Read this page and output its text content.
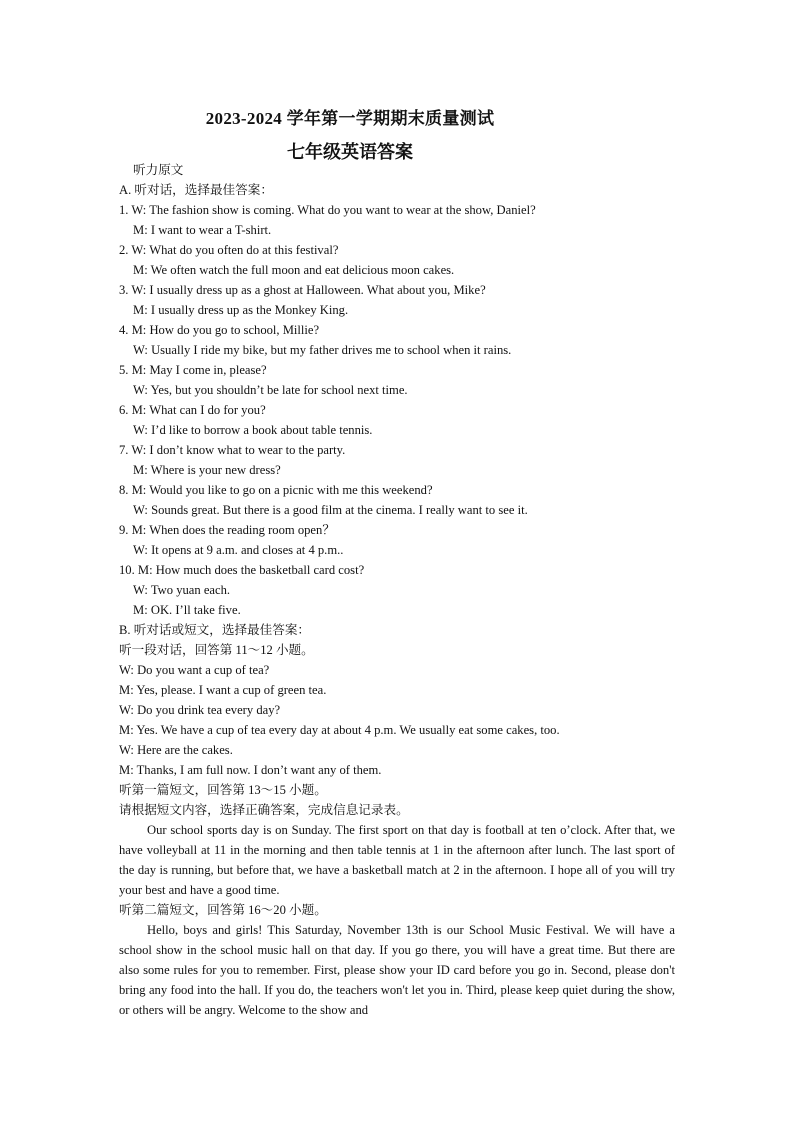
2023-2024 学年第一学期期末质量测试
七年级英语答案
听力原文
A. 听对话，选择最佳答案：
1. W: The fashion show is coming. What do you want to wear at the show, Daniel?
M: I want to wear a T-shirt.
2. W: What do you often do at this festival?
M: We often watch the full moon and eat delicious moon cakes.
3. W: I usually dress up as a ghost at Halloween. What about you, Mike?
M: I usually dress up as the Monkey King.
4. M: How do you go to school, Millie?
W: Usually I ride my bike, but my father drives me to school when it rains.
5. M: May I come in, please?
W: Yes, but you shouldn’t be late for school next time.
6. M: What can I do for you?
W: I’d like to borrow a book about table tennis.
7. W: I don’t know what to wear to the party.
M: Where is your new dress?
8. M: Would you like to go on a picnic with me this weekend?
W: Sounds great. But there is a good film at the cinema. I really want to see it.
9. M: When does the reading room open？
W: It opens at 9 a.m. and closes at 4 p.m..
10. M: How much does the basketball card cost?
W: Two yuan each.
M: OK. I’ll take five.
B. 听对话或短文，选择最佳答案：
听一段对话，回答第 11～12 小题。
W: Do you want a cup of tea?
M: Yes, please. I want a cup of green tea.
W: Do you drink tea every day?
M: Yes. We have a cup of tea every day at about 4 p.m. We usually eat some cakes, too.
W: Here are the cakes.
M: Thanks, I am full now. I don’t want any of them.
听第一篇短文，回答第 13～15 小题。
请根据短文内容，选择正确答案，完成信息记录表。
Our school sports day is on Sunday. The first sport on that day is football at ten o’clock. After that, we have volleyball at 11 in the morning and then table tennis at 1 in the afternoon after lunch. The last sport of the day is running, but before that, we have a basketball match at 2 in the afternoon. I hope all of you will try your best and have a good time.
听第二篇短文，回答第 16～20 小题。
Hello, boys and girls! This Saturday, November 13th is our School Music Festival. We will have a school show in the school music hall on that day. If you go there, you will have a great time. But there are also some rules for you to remember. First, please show your ID card before you go in. Second, please don't bring any food into the hall. If you do, the teachers won't let you in. Third, please keep quiet during the show, or others will be angry. Welcome to the show and
